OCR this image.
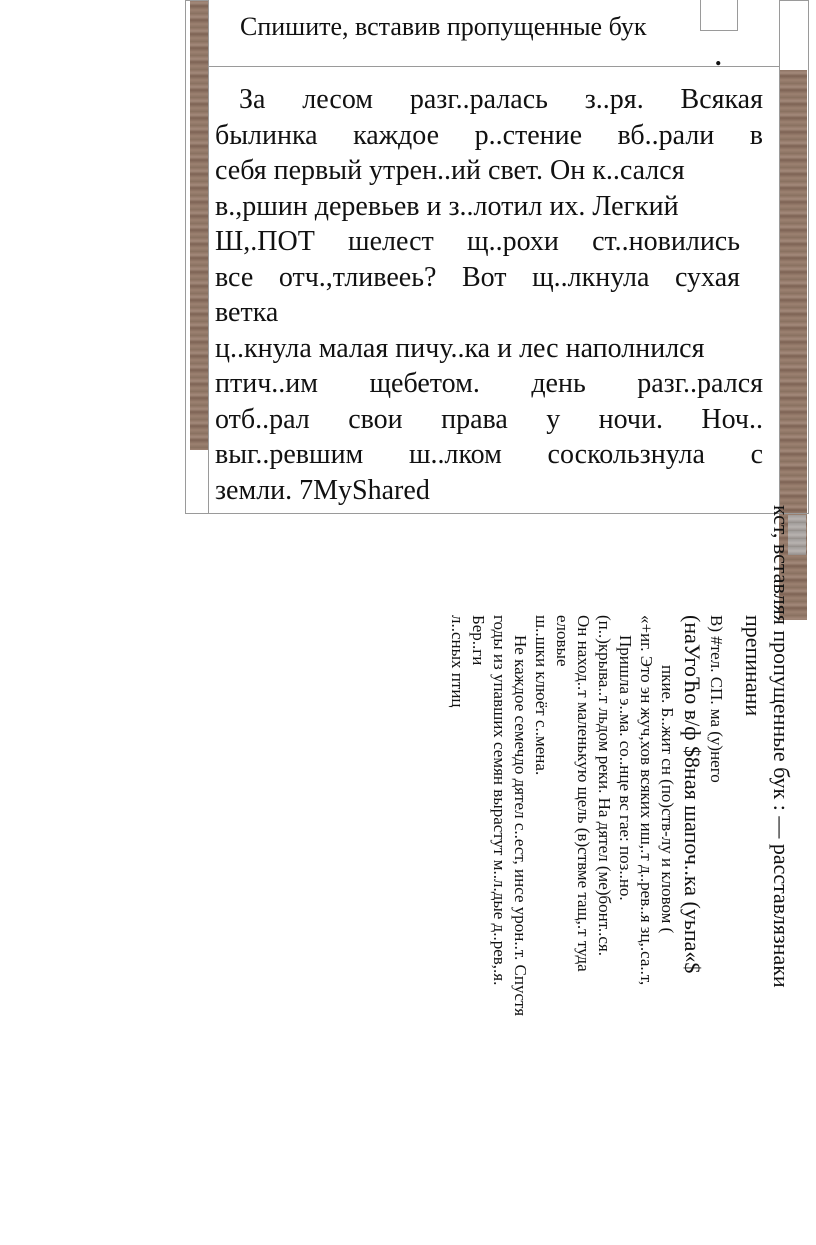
Спишите, вставив пропущенные бук
.
За лесом разг..ралась з..ря. Всякая
былинка каждое р..стение вб..рали в
себя первый утрен..ий свет. Он к..сался
в.,ршин деревьев и з..лотил их. Легкий
Ш,.ПОТ шелест щ..рохи ст..новились
все отч.,тливееь? Вот щ..лкнула сухая
ветка
ц..кнула малая пичу..ка и лес наполнился
птич..им щебетом. день разг..рался
отб..рал свои права у ночи. Ноч..
выг..ревшим ш..лком соскользнула с
земли. 7MyShared
кст, вставляя пропущенные бук : — расставлязнаки
препинани
В) #тел. СП. ма (у)него
(наУгоЋо в/ф $8ная шапоч..ка (уьпа«$
пкие. Б..жит сн (по)ств-лу и кловом (
«+иг. Это эн жуч,хов всяких иш,.т д..рев..я зц,.са..т,
Пришла э..ма. со..нце вс гае: поз..но.
(п..)крыва..т льдом реки. На дятел (ме)бонт..ся.
Он наход..т маленькую щель (в)ствме тащ,.т туда
еловые
ш..шки клюёт с..мена.
Не каждое семечдо дятел с..ест, инсе урон..т. Спустя
годы из упавших семян вырастут м..л.дые д..рев,.я.
Бер..ги
л..сных птиц
